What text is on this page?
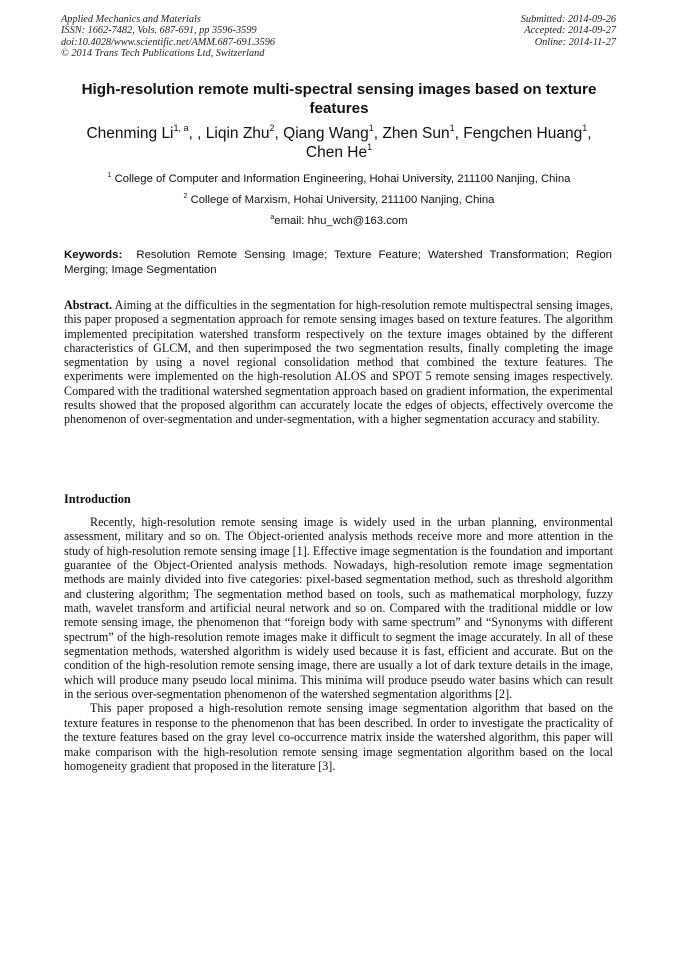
Applied Mechanics and Materials
ISSN: 1662-7482, Vols. 687-691, pp 3596-3599
doi:10.4028/www.scientific.net/AMM.687-691.3596
© 2014 Trans Tech Publications Ltd, Switzerland
Submitted: 2014-09-26
Accepted: 2014-09-27
Online: 2014-11-27
High-resolution remote multi-spectral sensing images based on texture features
Chenming Li$^{1, a}$, , Liqin Zhu$^2$, Qiang Wang$^1$, Zhen Sun$^1$, Fengchen Huang$^1$,
Chen He$^1$
$^1$ College of Computer and Information Engineering, Hohai University, 211100 Nanjing, China
$^2$ College of Marxism, Hohai University, 211100 Nanjing, China
$^a$email: hhu_wch@163.com
Keywords: Resolution Remote Sensing Image; Texture Feature; Watershed Transformation; Region Merging; Image Segmentation

Abstract. Aiming at the difficulties in the segmentation for high-resolution remote multispectral sensing images, this paper proposed a segmentation approach for remote sensing images based on texture features. The algorithm implemented precipitation watershed transform respectively on the texture images obtained by the different characteristics of GLCM, and then superimposed the two segmentation results, finally completing the image segmentation by using a novel regional consolidation method that combined the texture features. The experiments were implemented on the high-resolution ALOS and SPOT 5 remote sensing images respectively. Compared with the traditional watershed segmentation approach based on gradient information, the experimental results showed that the proposed algorithm can accurately locate the edges of objects, effectively overcome the phenomenon of over-segmentation and under-segmentation, with a higher segmentation accuracy and stability.

Introduction

Recently, high-resolution remote sensing image is widely used in the urban planning, environmental assessment, military and so on. The Object-oriented analysis methods receive more and more attention in the study of high-resolution remote sensing image [1]. Effective image segmentation is the foundation and important guarantee of the Object-Oriented analysis methods. Nowadays, high-resolution remote image segmentation methods are mainly divided into five categories: pixel-based segmentation method, such as threshold algorithm and clustering algorithm; The segmentation method based on tools, such as mathematical morphology, fuzzy math, wavelet transform and artificial neural network and so on. Compared with the traditional middle or low remote sensing image, the phenomenon that “foreign body with same spectrum” and “Synonyms with different spectrum” of the high-resolution remote images make it difficult to segment the image accurately. In all of these segmentation methods, watershed algorithm is widely used because it is fast, efficient and accurate. But on the condition of the high-resolution remote sensing image, there are usually a lot of dark texture details in the image, which will produce many pseudo local minima. This minima will produce pseudo water basins which can result in the serious over-segmentation phenomenon of the watershed segmentation algorithms [2].

This paper proposed a high-resolution remote sensing image segmentation algorithm that based on the texture features in response to the phenomenon that has been described. In order to investigate the practicality of the texture features based on the gray level co-occurrence matrix inside the watershed algorithm, this paper will make comparison with the high-resolution remote sensing image segmentation algorithm based on the local homogeneity gradient that proposed in the literature [3].
